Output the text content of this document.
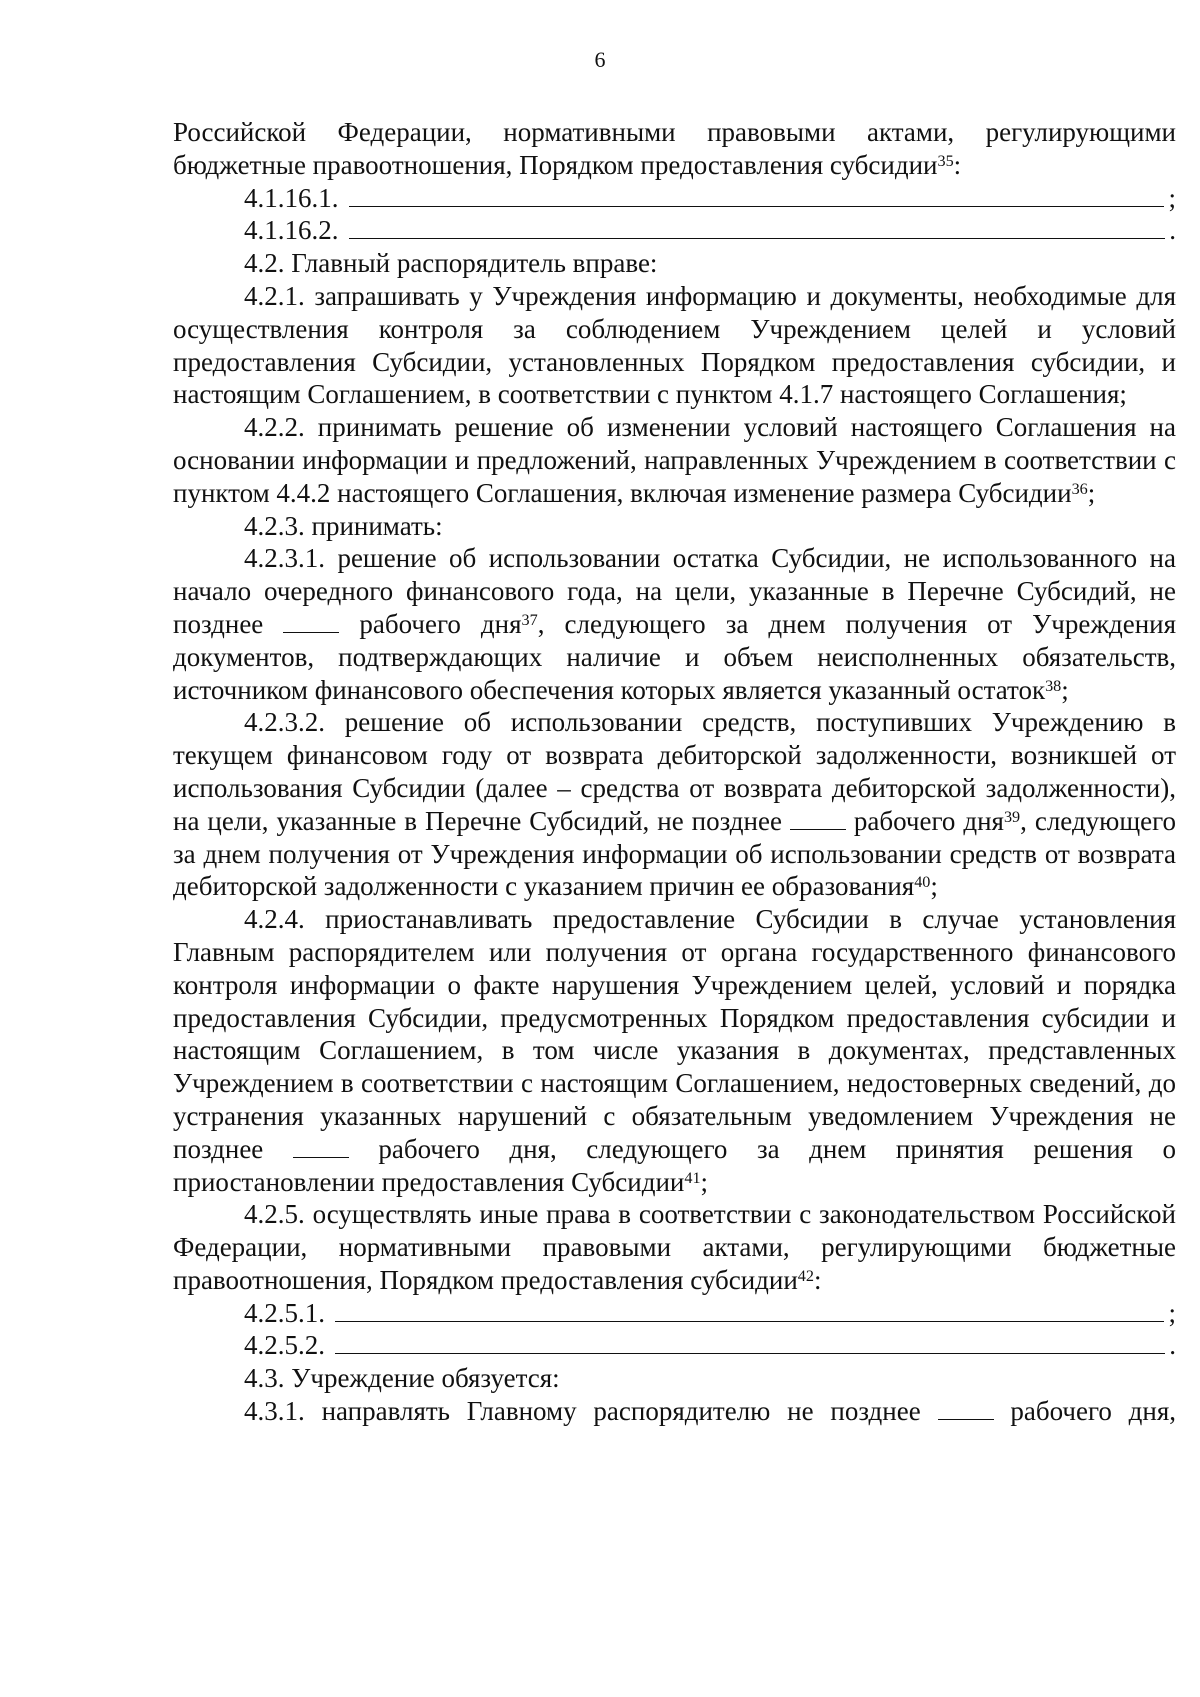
6

Российской Федерации, нормативными правовыми актами, регулирующими бюджетные правоотношения, Порядком предоставления субсидии$^{35}$:

4.1.16.1.	;
4.1.16.2.	.

4.2. Главный распорядитель вправе:

4.2.1. запрашивать у Учреждения информацию и документы, необходимые для осуществления контроля за соблюдением Учреждением целей и условий предоставления Субсидии, установленных Порядком предоставления субсидии, и настоящим Соглашением, в соответствии с пунктом 4.1.7 настоящего Соглашения;

4.2.2. принимать решение об изменении условий настоящего Соглашения на основании информации и предложений, направленных Учреждением в соответствии с пунктом 4.4.2 настоящего Соглашения, включая изменение размера Субсидии$^{36}$;

4.2.3. принимать:

4.2.3.1. решение об использовании остатка Субсидии, не использованного на начало очередного финансового года, на цели, указанные в Перечне Субсидий, не позднее	рабочего дня$^{37}$, следующего за днем получения от Учреждения документов, подтверждающих наличие и объем неисполненных обязательств, источником финансового обеспечения которых является указанный остаток$^{38}$;

4.2.3.2. решение об использовании средств, поступивших Учреждению в текущем финансовом году от возврата дебиторской задолженности, возникшей от использования Субсидии (далее – средства от возврата дебиторской задолженности), на цели, указанные в Перечне Субсидий, не позднее	рабочего дня$^{39}$, следующего за днем получения от Учреждения информации об использовании средств от возврата дебиторской задолженности с указанием причин ее образования$^{40}$;

4.2.4. приостанавливать предоставление Субсидии в случае установления Главным распорядителем или получения от органа государственного финансового контроля информации о факте нарушения Учреждением целей, условий и порядка предоставления Субсидии, предусмотренных Порядком предоставления субсидии и настоящим Соглашением, в том числе указания в документах, представленных Учреждением в соответствии с настоящим Соглашением, недостоверных сведений, до устранения указанных нарушений с обязательным уведомлением Учреждения не позднее	рабочего дня, следующего за днем принятия решения о приостановлении предоставления Субсидии$^{41}$;

4.2.5. осуществлять иные права в соответствии с законодательством Российской Федерации, нормативными правовыми актами, регулирующими бюджетные правоотношения, Порядком предоставления субсидии$^{42}$:

4.2.5.1.	;
4.2.5.2.	.

4.3. Учреждение обязуется:

4.3.1. направлять Главному распорядителю не позднее	рабочего дня,
